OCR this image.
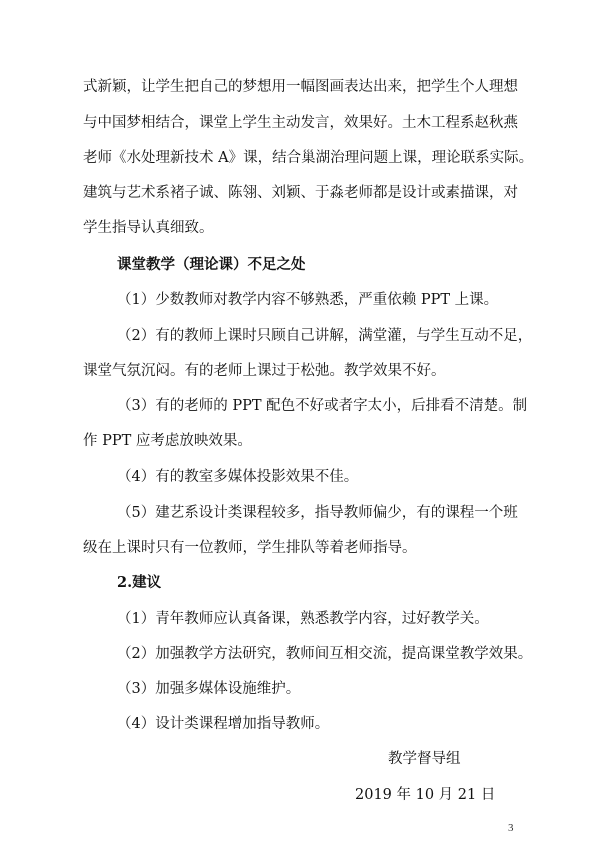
式新颖，让学生把自己的梦想用一幅图画表达出来，把学生个人理想

与中国梦相结合，课堂上学生主动发言，效果好。土木工程系赵秋燕

老师《水处理新技术 A》课，结合巢湖治理问题上课，理论联系实际。

建筑与艺术系褚子诚、陈翎、刘颖、于淼老师都是设计或素描课，对

学生指导认真细致。

课堂教学（理论课）不足之处

（1）少数教师对教学内容不够熟悉，严重依赖 PPT 上课。

（2）有的教师上课时只顾自己讲解，满堂灌，与学生互动不足，

课堂气氛沉闷。有的老师上课过于松弛。教学效果不好。

（3）有的老师的 PPT 配色不好或者字太小，后排看不清楚。制

作 PPT 应考虑放映效果。

（4）有的教室多媒体投影效果不佳。

（5）建艺系设计类课程较多，指导教师偏少，有的课程一个班

级在上课时只有一位教师，学生排队等着老师指导。

2.建议

（1）青年教师应认真备课，熟悉教学内容，过好教学关。

（2）加强教学方法研究，教师间互相交流，提高课堂教学效果。

（3）加强多媒体设施维护。

（4）设计类课程增加指导教师。

教学督导组

2019 年 10 月 21 日

3
